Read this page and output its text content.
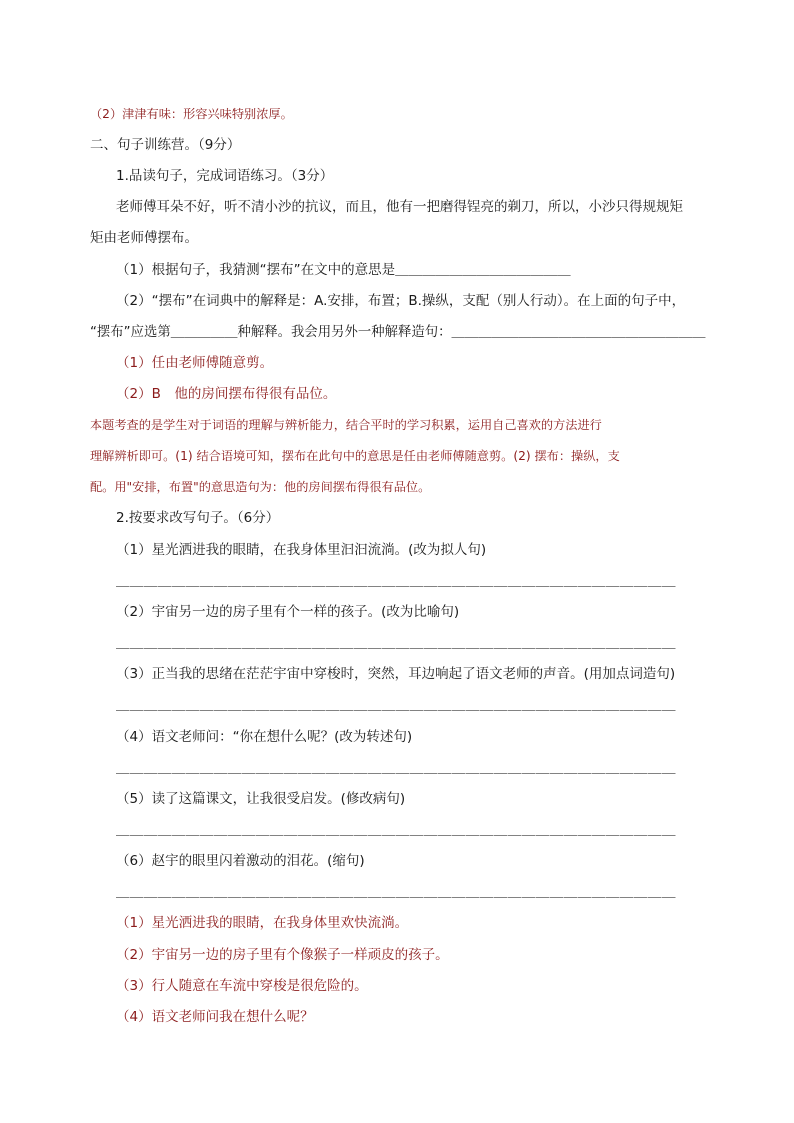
（2）津津有味：形容兴味特别浓厚。
二、句子训练营。（9分）
1.品读句子，完成词语练习。（3分）
老师傅耳朵不好，听不清小沙的抗议，而且，他有一把磨得锃亮的剃刀，所以，小沙只得规规矩
矩由老师傅摆布。
（1）根据句子，我猜测“摆布”在文中的意思是＿＿＿＿＿＿＿＿＿＿＿＿＿
（2）“摆布”在词典中的解释是：A.安排，布置；B.操纵，支配（别人行动）。在上面的句子中，
“摆布”应选第＿＿＿＿＿种解释。我会用另外一种解释造句：＿＿＿＿＿＿＿＿＿＿＿＿＿＿＿＿＿＿＿
（1）任由老师傅随意剪。
（2）B　他的房间摆布得很有品位。
本题考查的是学生对于词语的理解与辨析能力，结合平时的学习积累，运用自己喜欢的方法进行
理解辨析即可。(1) 结合语境可知，摆布在此句中的意思是任由老师傅随意剪。(2) 摆布：操纵，支
配。用"安排，布置"的意思造句为：他的房间摆布得很有品位。
2.按要求改写句子。（6分）
（1）星光洒进我的眼睛，在我身体里汩汩流淌。(改为拟人句)
＿＿＿＿＿＿＿＿＿＿＿＿＿＿＿＿＿＿＿＿＿＿＿＿＿＿＿＿＿＿＿＿＿＿＿＿＿＿＿＿
（2）宇宙另一边的房子里有个一样的孩子。(改为比喻句)
＿＿＿＿＿＿＿＿＿＿＿＿＿＿＿＿＿＿＿＿＿＿＿＿＿＿＿＿＿＿＿＿＿＿＿＿＿＿＿＿
（3）正当我的思绪在茫茫宇宙中穿梭时，突然，耳边响起了语文老师的声音。(用加点词造句)
＿＿＿＿＿＿＿＿＿＿＿＿＿＿＿＿＿＿＿＿＿＿＿＿＿＿＿＿＿＿＿＿＿＿＿＿＿＿＿＿
（4）语文老师问：“你在想什么呢？(改为转述句)
＿＿＿＿＿＿＿＿＿＿＿＿＿＿＿＿＿＿＿＿＿＿＿＿＿＿＿＿＿＿＿＿＿＿＿＿＿＿＿＿
（5）读了这篇课文，让我很受启发。(修改病句)
＿＿＿＿＿＿＿＿＿＿＿＿＿＿＿＿＿＿＿＿＿＿＿＿＿＿＿＿＿＿＿＿＿＿＿＿＿＿＿＿
（6）赵宇的眼里闪着激动的泪花。(缩句)
＿＿＿＿＿＿＿＿＿＿＿＿＿＿＿＿＿＿＿＿＿＿＿＿＿＿＿＿＿＿＿＿＿＿＿＿＿＿＿＿
（1）星光洒进我的眼睛，在我身体里欢快流淌。
（2）宇宙另一边的房子里有个像猴子一样顽皮的孩子。
（3）行人随意在车流中穿梭是很危险的。
（4）语文老师问我在想什么呢？
